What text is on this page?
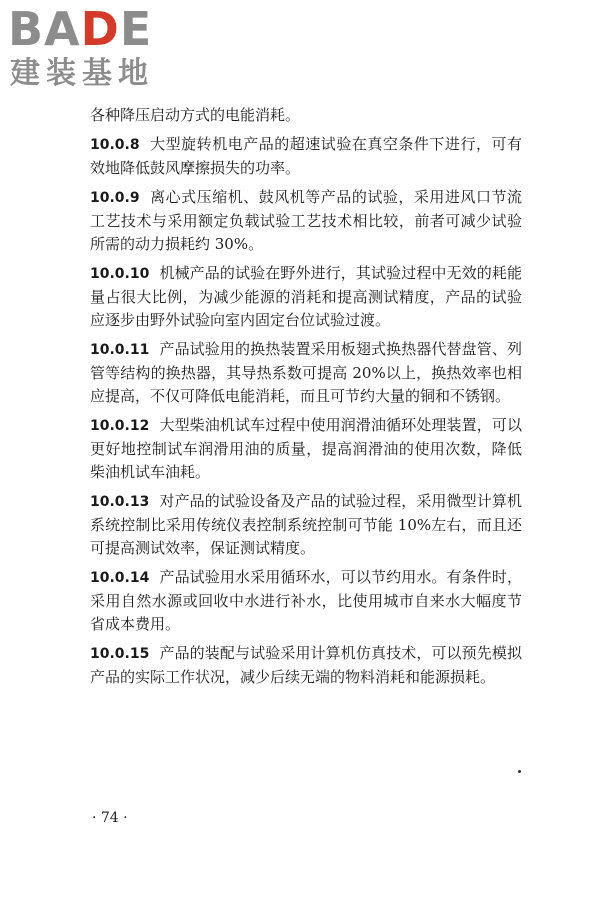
BADE
建装基地

各种降压启动方式的电能消耗。

10.0.8 大型旋转机电产品的超速试验在真空条件下进行，可有效地降低鼓风摩擦损失的功率。

10.0.9 离心式压缩机、鼓风机等产品的试验，采用进风口节流工艺技术与采用额定负载试验工艺技术相比较，前者可减少试验所需的动力损耗约 30%。

10.0.10 机械产品的试验在野外进行，其试验过程中无效的耗能量占很大比例，为减少能源的消耗和提高测试精度，产品的试验应逐步由野外试验向室内固定台位试验过渡。

10.0.11 产品试验用的换热装置采用板翅式换热器代替盘管、列管等结构的换热器，其导热系数可提高 20%以上，换热效率也相应提高，不仅可降低电能消耗，而且可节约大量的铜和不锈钢。

10.0.12 大型柴油机试车过程中使用润滑油循环处理装置，可以更好地控制试车润滑用油的质量，提高润滑油的使用次数，降低柴油机试车油耗。

10.0.13 对产品的试验设备及产品的试验过程，采用微型计算机系统控制比采用传统仪表控制系统控制可节能 10%左右，而且还可提高测试效率，保证测试精度。

10.0.14 产品试验用水采用循环水，可以节约用水。有条件时，采用自然水源或回收中水进行补水，比使用城市自来水大幅度节省成本费用。

10.0.15 产品的装配与试验采用计算机仿真技术，可以预先模拟产品的实际工作状况，减少后续无端的物料消耗和能源损耗。

· 74 ·
